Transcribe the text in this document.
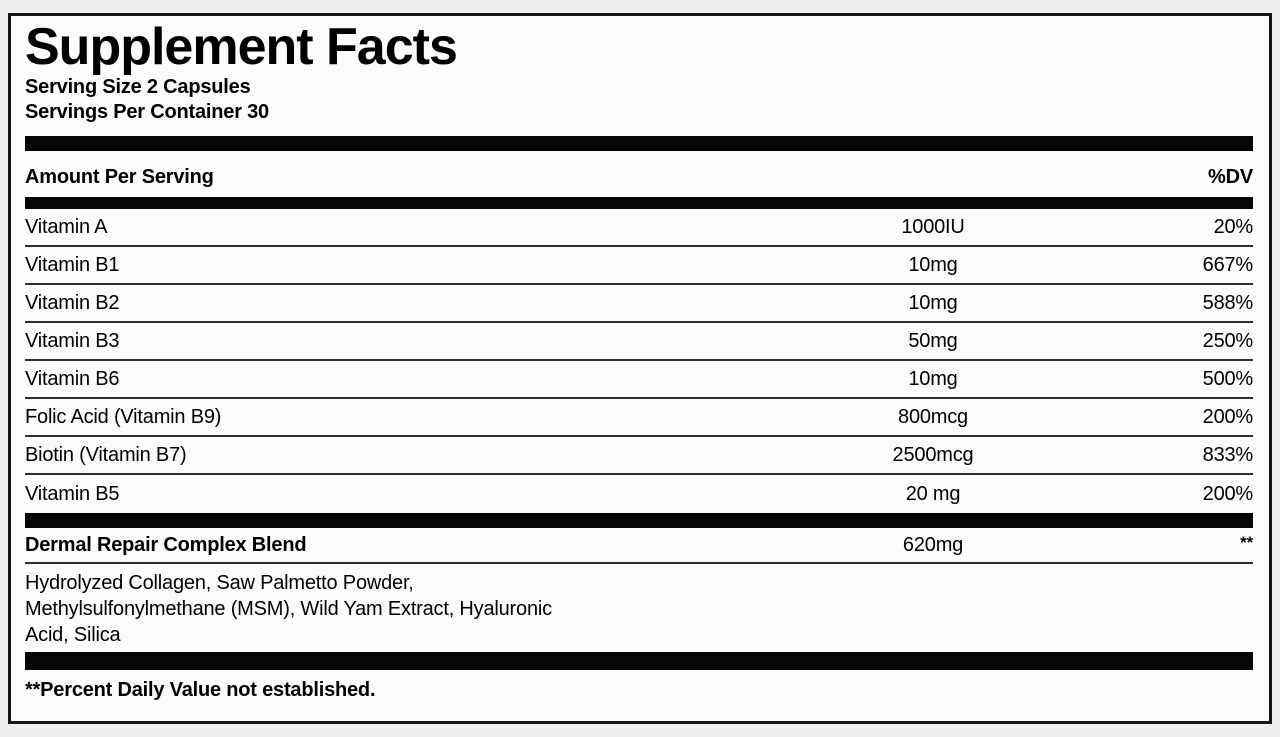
Supplement Facts
Serving Size 2 Capsules
Servings Per Container 30
Amount Per Serving	%DV
Vitamin A	1000IU	20%
Vitamin B1	10mg	667%
Vitamin B2	10mg	588%
Vitamin B3	50mg	250%
Vitamin B6	10mg	500%
Folic Acid (Vitamin B9)	800mcg	200%
Biotin (Vitamin B7)	2500mcg	833%
Vitamin B5	20 mg	200%
Dermal Repair Complex Blend	620mg	**
Hydrolyzed Collagen, Saw Palmetto Powder,
Methylsulfonylmethane (MSM), Wild Yam Extract, Hyaluronic
Acid, Silica
**Percent Daily Value not established.
